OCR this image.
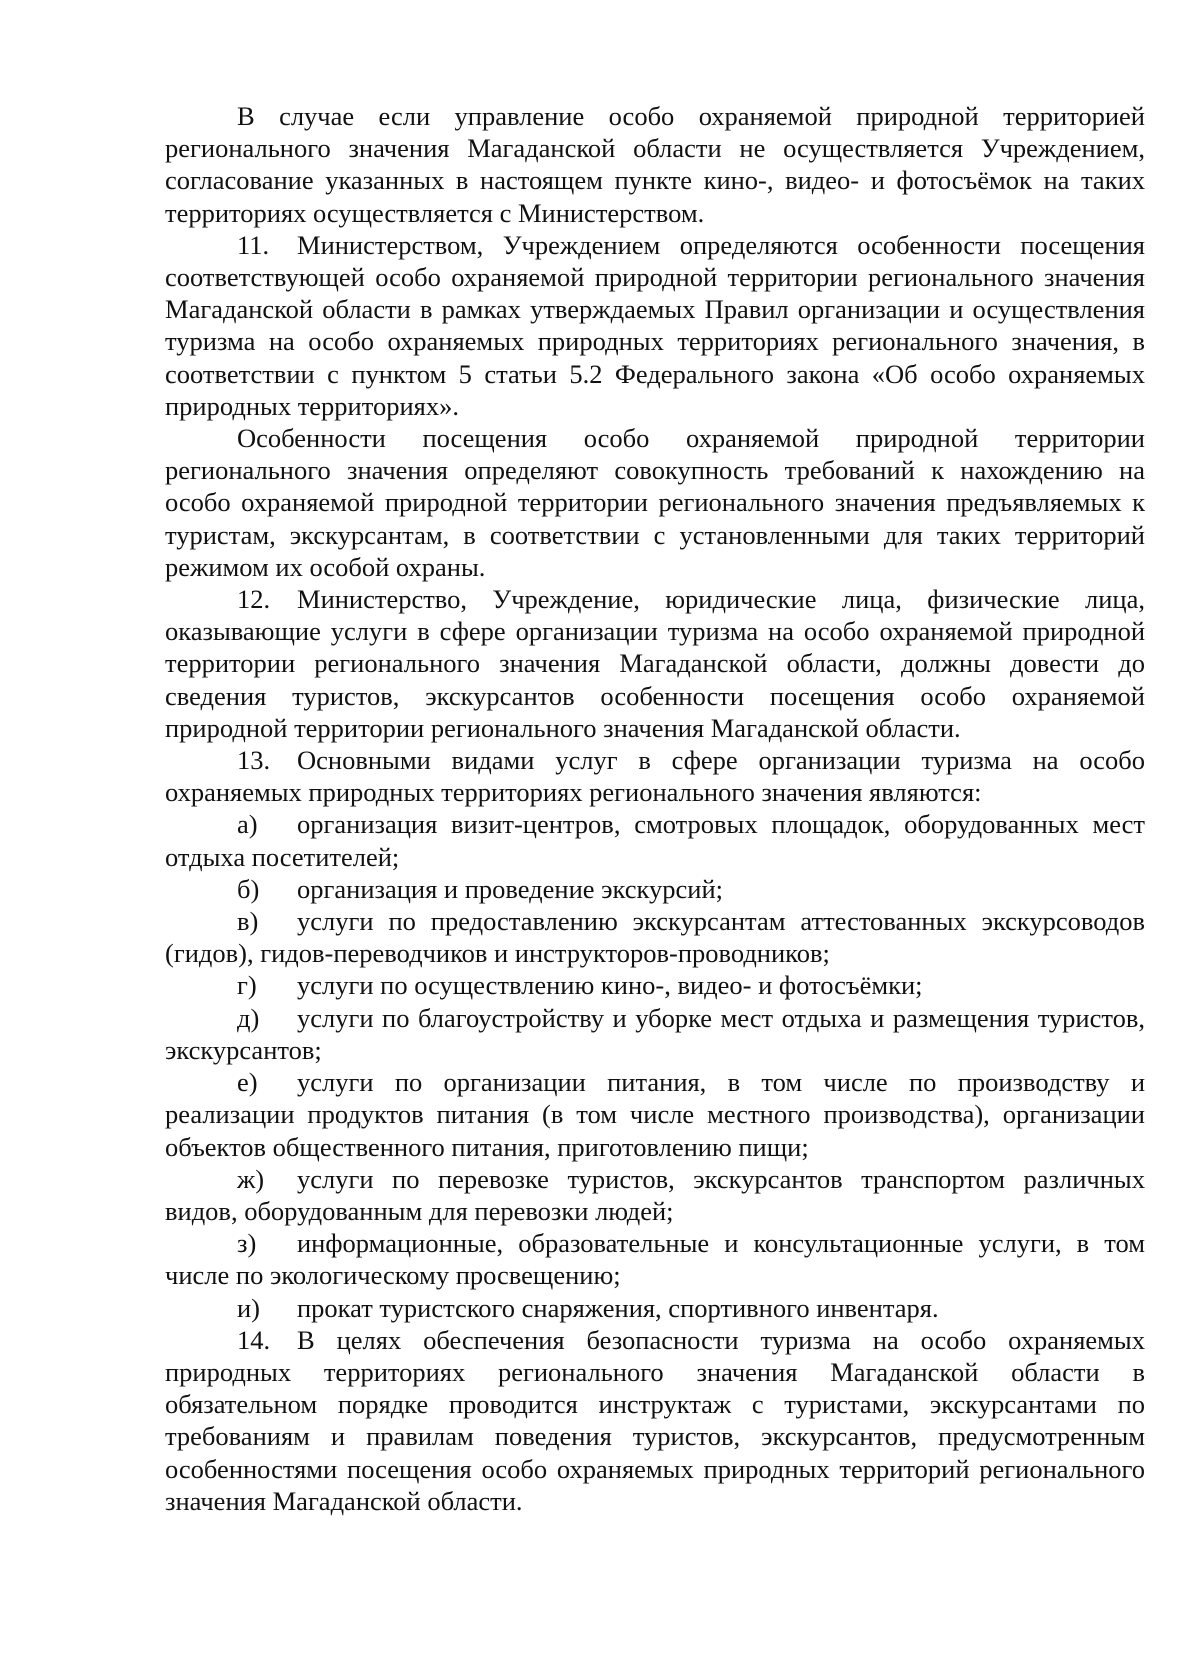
В случае если управление особо охраняемой природной территорией регионального значения Магаданской области не осуществляется Учреждением, согласование указанных в настоящем пункте кино-, видео- и фотосъёмок на таких территориях осуществляется с Министерством.

11. Министерством, Учреждением определяются особенности посещения соответствующей особо охраняемой природной территории регионального значения Магаданской области в рамках утверждаемых Правил организации и осуществления туризма на особо охраняемых природных территориях регионального значения, в соответствии с пунктом 5 статьи 5.2 Федерального закона «Об особо охраняемых природных территориях».

Особенности посещения особо охраняемой природной территории регионального значения определяют совокупность требований к нахождению на особо охраняемой природной территории регионального значения предъявляемых к туристам, экскурсантам, в соответствии с установленными для таких территорий режимом их особой охраны.

12. Министерство, Учреждение, юридические лица, физические лица, оказывающие услуги в сфере организации туризма на особо охраняемой природной территории регионального значения Магаданской области, должны довести до сведения туристов, экскурсантов особенности посещения особо охраняемой природной территории регионального значения Магаданской области.

13. Основными видами услуг в сфере организации туризма на особо охраняемых природных территориях регионального значения являются:

а) организация визит-центров, смотровых площадок, оборудованных мест отдыха посетителей;

б) организация и проведение экскурсий;

в) услуги по предоставлению экскурсантам аттестованных экскурсоводов (гидов), гидов-переводчиков и инструкторов-проводников;

г) услуги по осуществлению кино-, видео- и фотосъёмки;

д) услуги по благоустройству и уборке мест отдыха и размещения туристов, экскурсантов;

е) услуги по организации питания, в том числе по производству и реализации продуктов питания (в том числе местного производства), организации объектов общественного питания, приготовлению пищи;

ж) услуги по перевозке туристов, экскурсантов транспортом различных видов, оборудованным для перевозки людей;

з) информационные, образовательные и консультационные услуги, в том числе по экологическому просвещению;

и) прокат туристского снаряжения, спортивного инвентаря.

14. В целях обеспечения безопасности туризма на особо охраняемых природных территориях регионального значения Магаданской области в обязательном порядке проводится инструктаж с туристами, экскурсантами по требованиям и правилам поведения туристов, экскурсантов, предусмотренным особенностями посещения особо охраняемых природных территорий регионального значения Магаданской области.
